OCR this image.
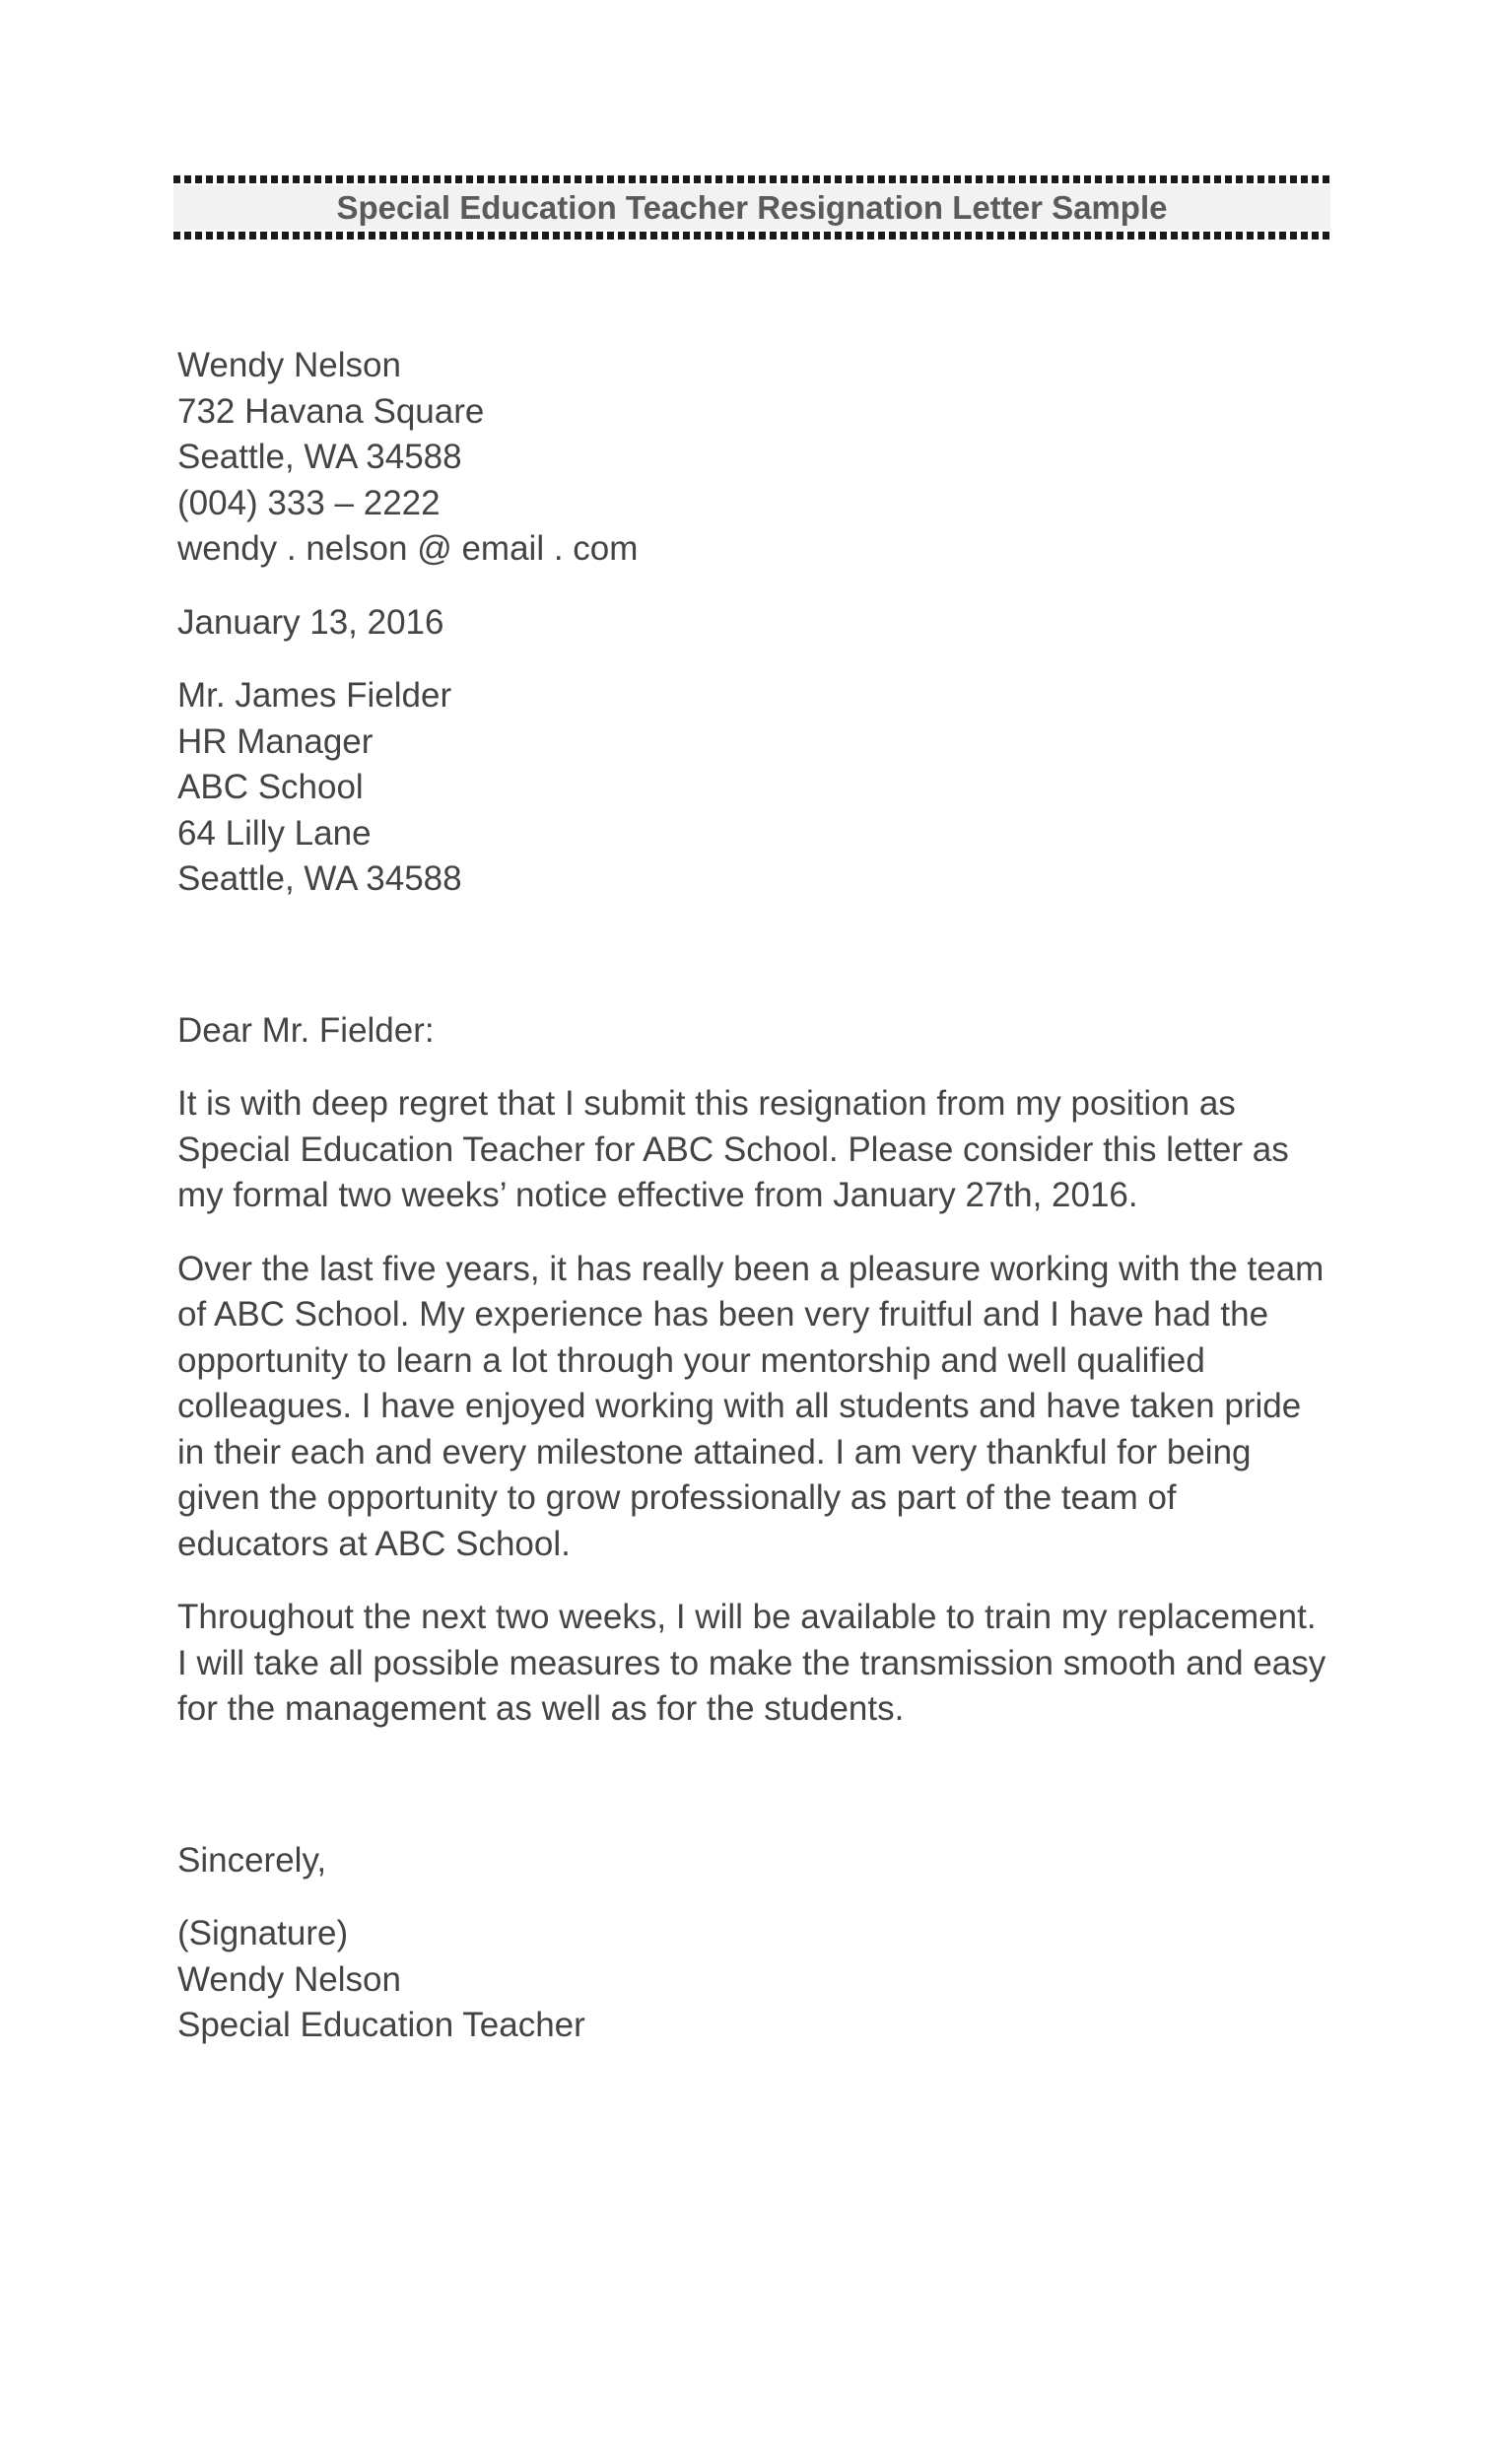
Special Education Teacher Resignation Letter Sample
Wendy Nelson
732 Havana Square
Seattle, WA 34588
(004) 333 – 2222
wendy . nelson @ email . com
January 13, 2016
Mr. James Fielder
HR Manager
ABC School
64 Lilly Lane
Seattle, WA 34588
Dear Mr. Fielder:
It is with deep regret that I submit this resignation from my position as
Special Education Teacher for ABC School. Please consider this letter as
my formal two weeks’ notice effective from January 27th, 2016.
Over the last five years, it has really been a pleasure working with the team
of ABC School. My experience has been very fruitful and I have had the
opportunity to learn a lot through your mentorship and well qualified
colleagues. I have enjoyed working with all students and have taken pride
in their each and every milestone attained. I am very thankful for being
given the opportunity to grow professionally as part of the team of
educators at ABC School.
Throughout the next two weeks, I will be available to train my replacement.
I will take all possible measures to make the transmission smooth and easy
for the management as well as for the students.
Sincerely,
(Signature)
Wendy Nelson
Special Education Teacher
